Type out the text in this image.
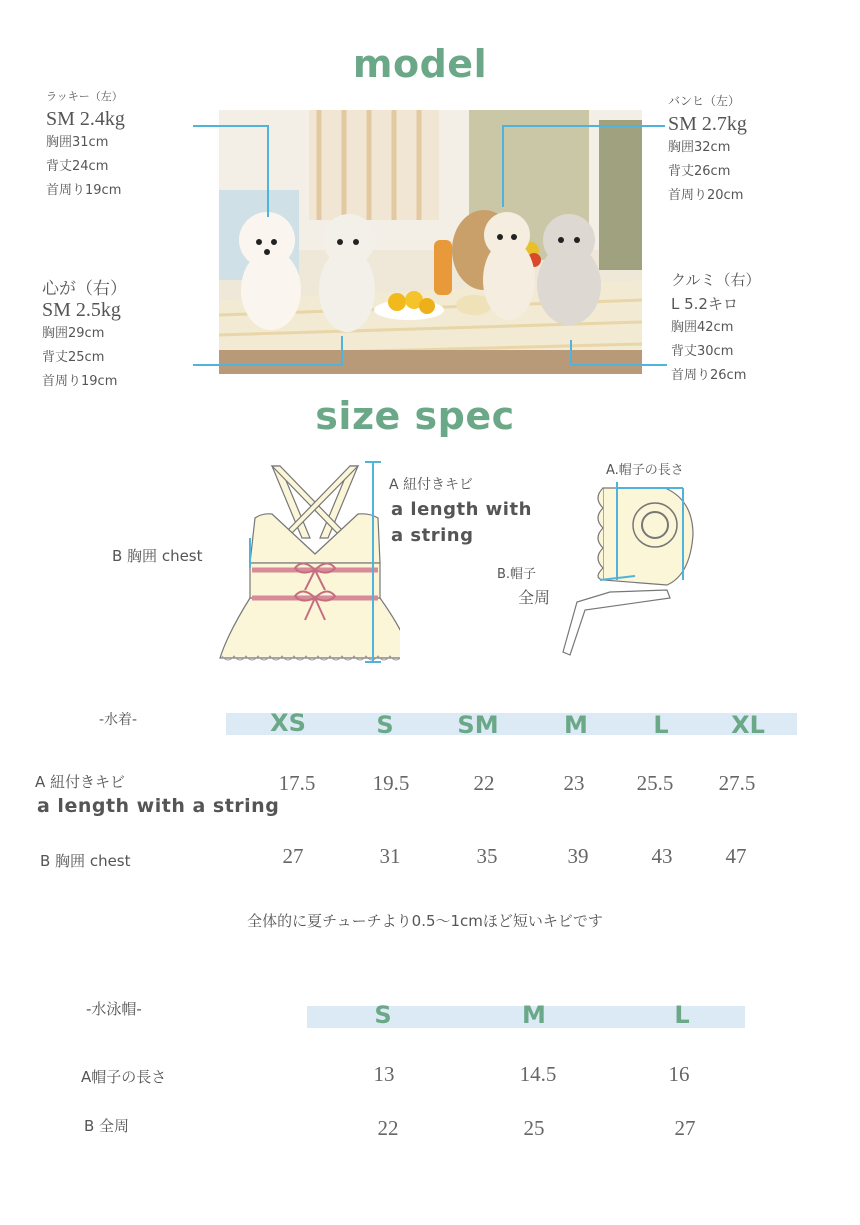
model
ラッキー（左）
SM 2.4kg
胸囲31cm
背丈24cm
首周り19cm
心が（右）
SM 2.5kg
胸囲29cm
背丈25cm
首周り19cm
バンヒ（左）
SM 2.7kg
胸囲32cm
背丈26cm
首周り20cm
クルミ（右）
L 5.2キロ
胸囲42cm
背丈30cm
首周り26cm
size spec
A 紐付きキビ
a length with a string
B 胸囲 chest
A.帽子の長さ
B.帽子
全周
-水着-	XS	S	SM	M	L	XL
A 紐付きキビ
a length with a string
17.5	19.5	22	23	25.5	27.5
B 胸囲 chest	27	31	35	39	43	47
全体的に夏チューチより0.5～1cmほど短いキビです
-水泳帽-	S	M	L
A帽子の長さ	13	14.5	16
B 全周	22	25	27
